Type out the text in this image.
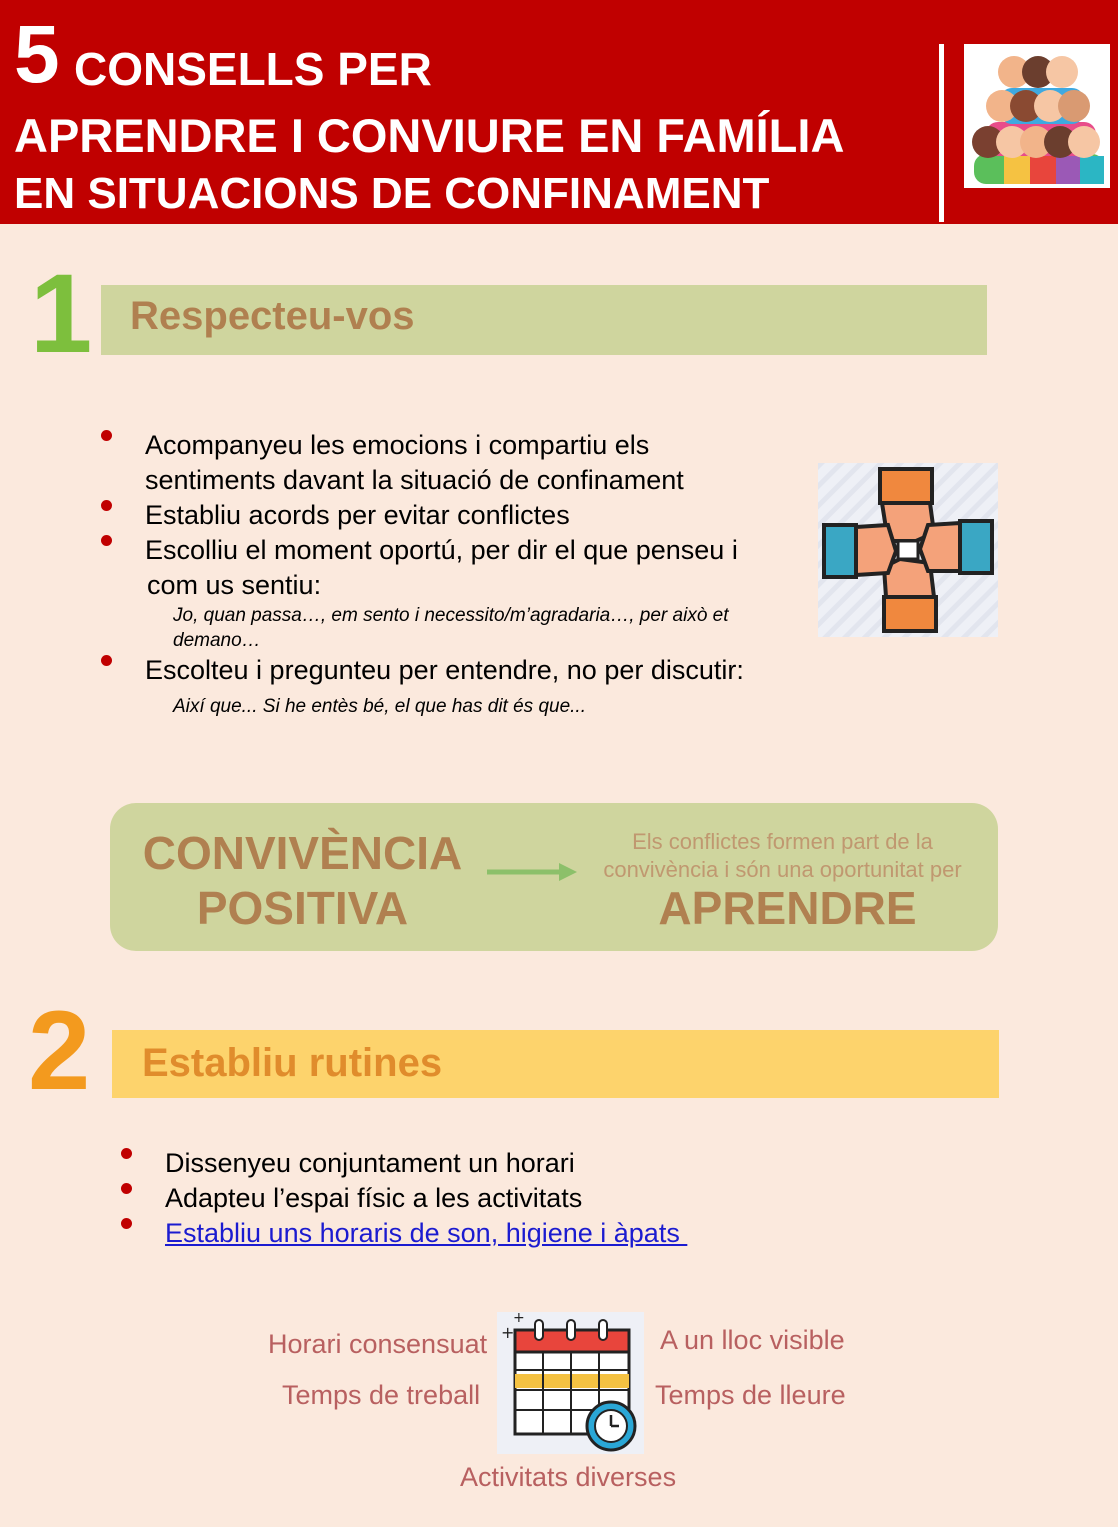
5 CONSELLS PER
APRENDRE I CONVIURE EN FAMÍLIA
EN SITUACIONS DE CONFINAMENT
1 Respecteu-vos
Acompanyeu les emocions i compartiu els
sentiments davant la situació de confinament
Establiu acords per evitar conflictes
Escolliu el moment oportú, per dir el que penseu i
com us sentiu:
Jo, quan passa…, em sento i necessito/m’agradaria…, per això et
demano…
Escolteu i pregunteu per entendre, no per discutir:
Així que... Si he entès bé, el que has dit és que...
CONVIVÈNCIA
POSITIVA
Els conflictes formen part de la
convivència i són una oportunitat per
APRENDRE
2 Establiu rutines
Dissenyeu conjuntament un horari
Adapteu l’espai físic a les activitats
Establiu uns horaris de son, higiene i àpats
Horari consensuat
Temps de treball
A un lloc visible
Temps de lleure
Activitats diverses
+
+
